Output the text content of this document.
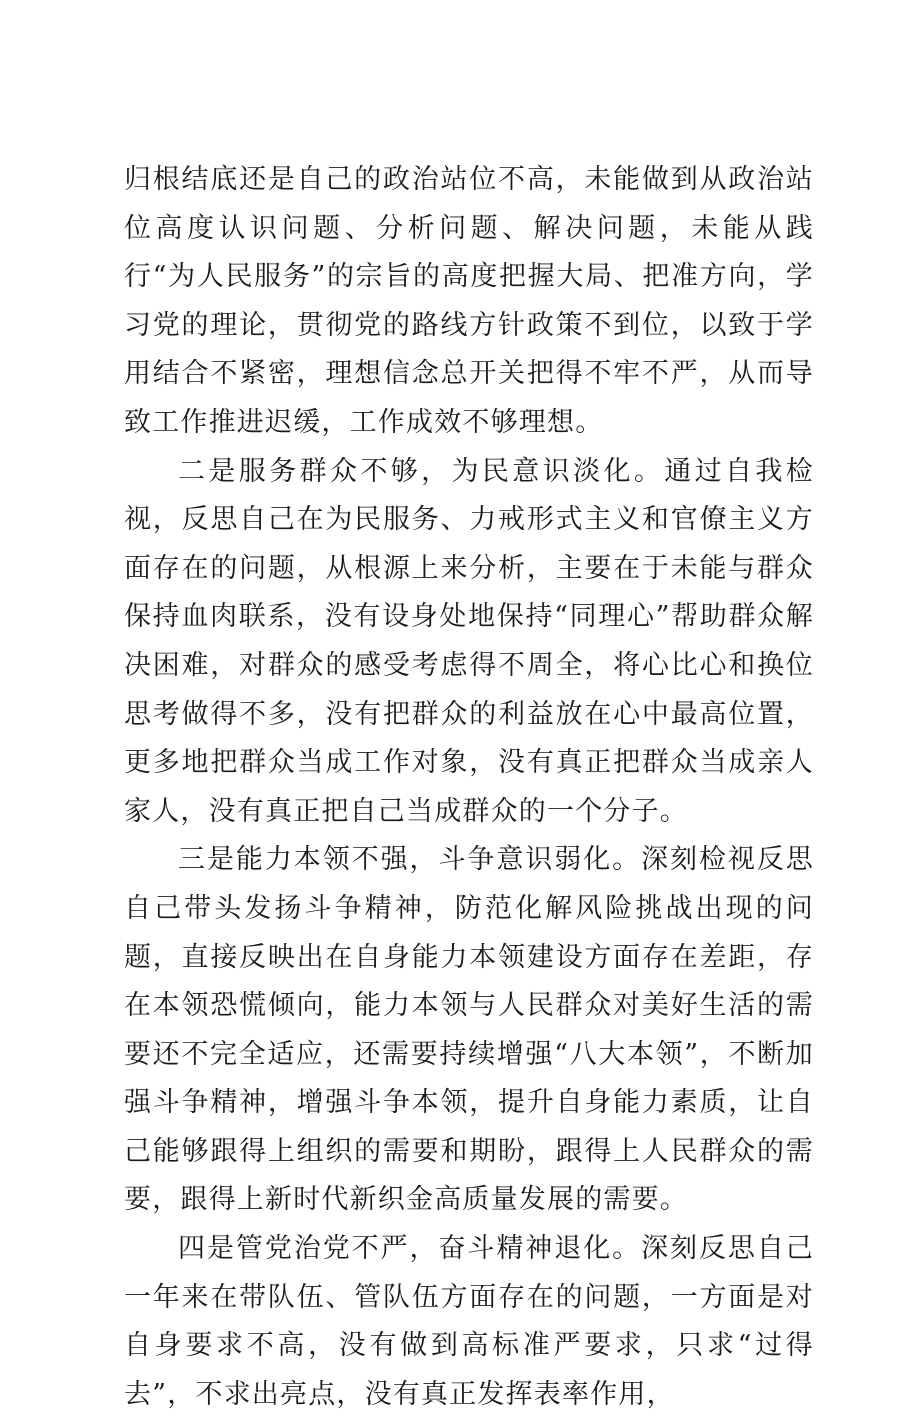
归根结底还是自己的政治站位不高，未能做到从政治站位高度认识问题、分析问题、解决问题，未能从践行“为人民服务”的宗旨的高度把握大局、把准方向，学习党的理论，贯彻党的路线方针政策不到位，以致于学用结合不紧密，理想信念总开关把得不牢不严，从而导致工作推进迟缓，工作成效不够理想。

二是服务群众不够，为民意识淡化。通过自我检视，反思自己在为民服务、力戒形式主义和官僚主义方面存在的问题，从根源上来分析，主要在于未能与群众保持血肉联系，没有设身处地保持“同理心”帮助群众解决困难，对群众的感受考虑得不周全，将心比心和换位思考做得不多，没有把群众的利益放在心中最高位置，更多地把群众当成工作对象，没有真正把群众当成亲人家人，没有真正把自己当成群众的一个分子。

三是能力本领不强，斗争意识弱化。深刻检视反思自己带头发扬斗争精神，防范化解风险挑战出现的问题，直接反映出在自身能力本领建设方面存在差距，存在本领恐慌倾向，能力本领与人民群众对美好生活的需要还不完全适应，还需要持续增强“八大本领”，不断加强斗争精神，增强斗争本领，提升自身能力素质，让自己能够跟得上组织的需要和期盼，跟得上人民群众的需要，跟得上新时代新织金高质量发展的需要。

四是管党治党不严，奋斗精神退化。深刻反思自己一年来在带队伍、管队伍方面存在的问题，一方面是对自身要求不高，没有做到高标准严要求，只求“过得去”，不求出亮点，没有真正发挥表率作用，
